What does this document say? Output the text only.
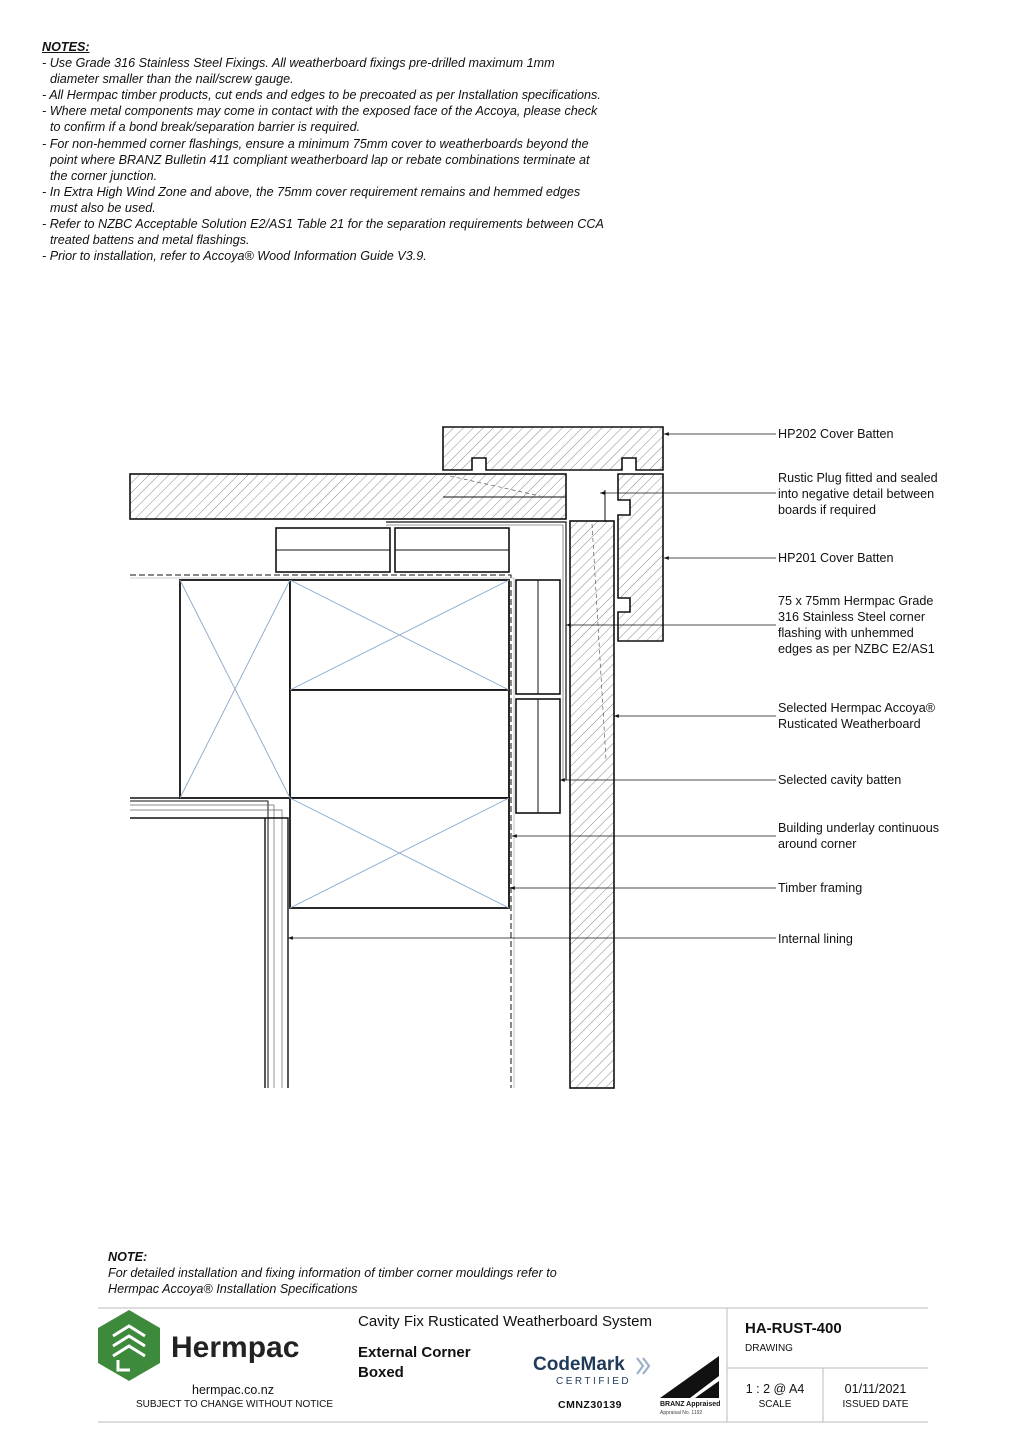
NOTES:
- Use Grade 316 Stainless Steel Fixings. All weatherboard fixings pre-drilled maximum 1mm
diameter smaller than the nail/screw gauge.
- All Hermpac timber products, cut ends and edges to be precoated as per Installation specifications.
- Where metal components may come in contact with the exposed face of the Accoya, please check
to confirm if a bond break/separation barrier is required.
- For non-hemmed corner flashings, ensure a minimum 75mm cover to weatherboards beyond the
point where BRANZ Bulletin 411 compliant weatherboard lap or rebate combinations terminate at
the corner junction.
- In Extra High Wind Zone and above, the 75mm cover requirement remains and hemmed edges
must also be used.
- Refer to NZBC Acceptable Solution E2/AS1 Table 21 for the separation requirements between CCA
treated battens and metal flashings.
- Prior to installation, refer to Accoya® Wood Information Guide V3.9.
HP202 Cover Batten
Rustic Plug fitted and sealed
into negative detail between
boards if required
HP201 Cover Batten
75 x 75mm Hermpac Grade
316 Stainless Steel corner
flashing with unhemmed
edges as per NZBC E2/AS1
Selected Hermpac Accoya®
Rusticated Weatherboard
Selected cavity batten
Building underlay continuous
around corner
Timber framing
Internal lining
NOTE:
For detailed installation and fixing information of timber corner mouldings refer to
Hermpac Accoya® Installation Specifications
Hermpac
hermpac.co.nz
SUBJECT TO CHANGE WITHOUT NOTICE
Cavity Fix Rusticated Weatherboard System
External Corner
Boxed	CodeMark
CERTIFIED
CMNZ30139	BRANZ Appraised
Appraisal No. 1192
HA-RUST-400
DRAWING
1 : 2 @ A4
SCALE
01/11/2021
ISSUED DATE
